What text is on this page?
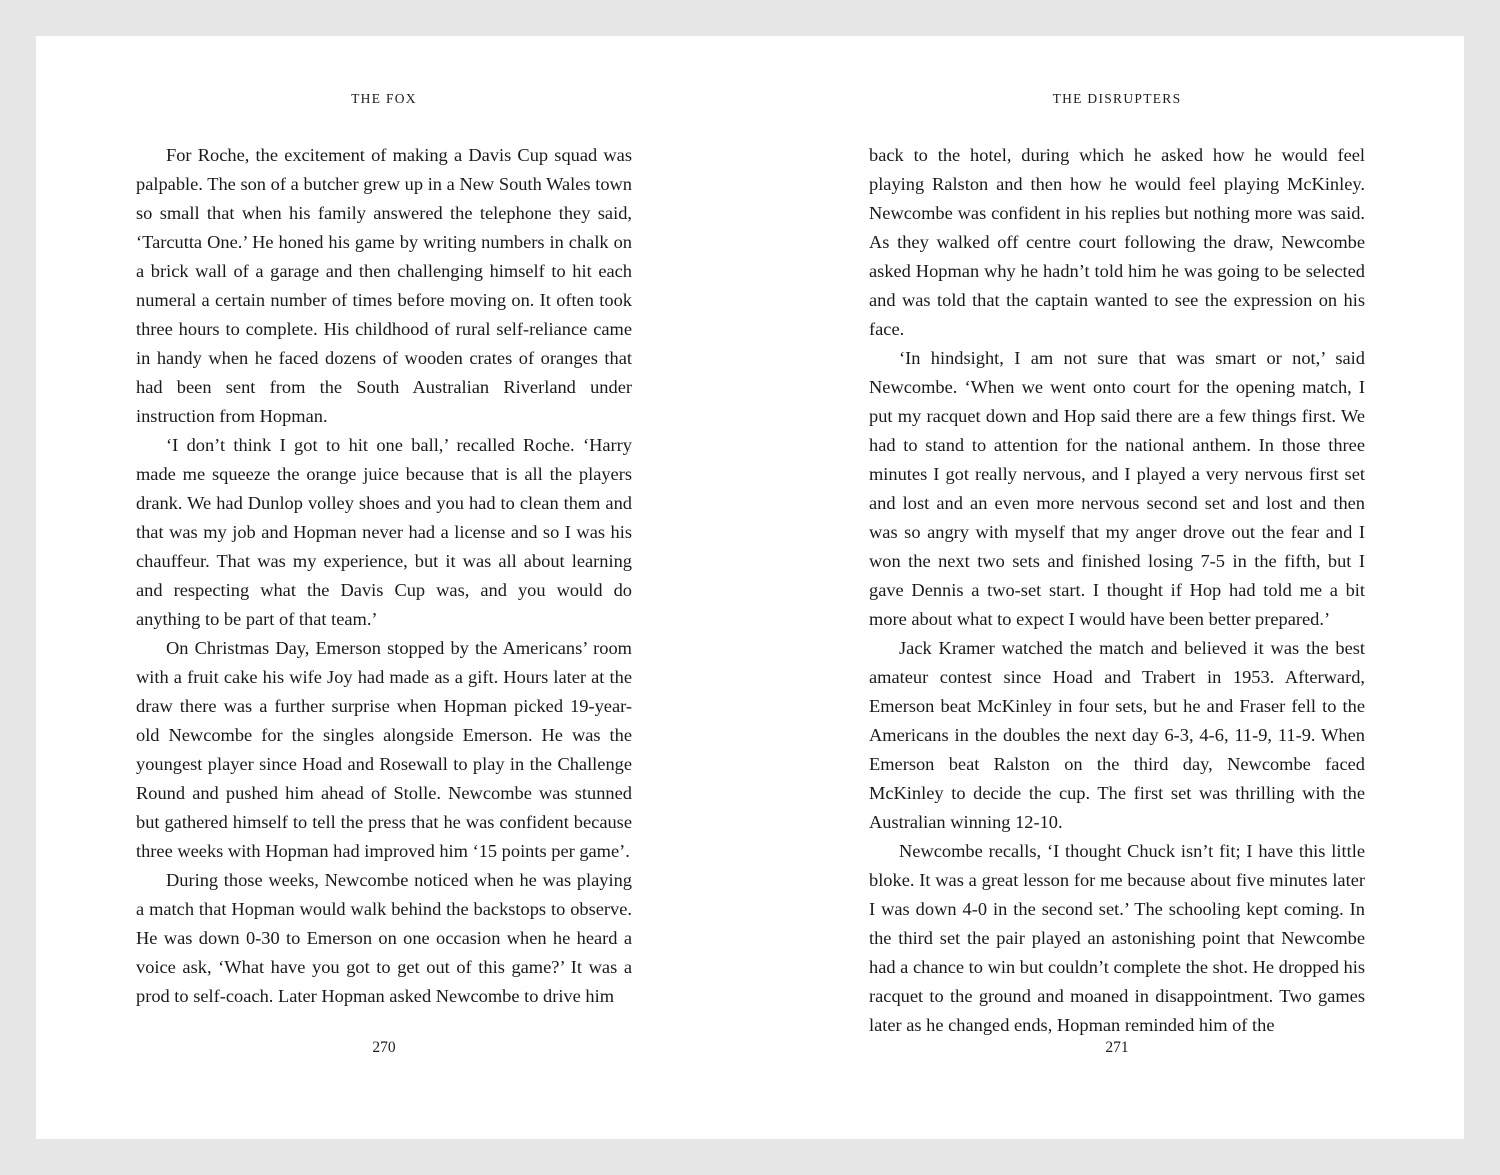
THE FOX

For Roche, the excitement of making a Davis Cup squad was palpable. The son of a butcher grew up in a New South Wales town so small that when his family answered the telephone they said, ‘Tarcutta One.’ He honed his game by writing numbers in chalk on a brick wall of a garage and then challenging himself to hit each numeral a certain number of times before moving on. It often took three hours to complete. His childhood of rural self-reliance came in handy when he faced dozens of wooden crates of oranges that had been sent from the South Australian Riverland under instruction from Hopman.

‘I don’t think I got to hit one ball,’ recalled Roche. ‘Harry made me squeeze the orange juice because that is all the players drank. We had Dunlop volley shoes and you had to clean them and that was my job and Hopman never had a license and so I was his chauffeur. That was my experience, but it was all about learning and respecting what the Davis Cup was, and you would do anything to be part of that team.’

On Christmas Day, Emerson stopped by the Americans’ room with a fruit cake his wife Joy had made as a gift. Hours later at the draw there was a further surprise when Hopman picked 19-year-old Newcombe for the singles alongside Emerson. He was the youngest player since Hoad and Rosewall to play in the Challenge Round and pushed him ahead of Stolle. Newcombe was stunned but gathered himself to tell the press that he was confident because three weeks with Hopman had improved him ‘15 points per game’.

During those weeks, Newcombe noticed when he was playing a match that Hopman would walk behind the backstops to observe. He was down 0-30 to Emerson on one occasion when he heard a voice ask, ‘What have you got to get out of this game?’ It was a prod to self-coach. Later Hopman asked Newcombe to drive him

270
THE DISRUPTERS

back to the hotel, during which he asked how he would feel playing Ralston and then how he would feel playing McKinley. Newcombe was confident in his replies but nothing more was said. As they walked off centre court following the draw, Newcombe asked Hopman why he hadn’t told him he was going to be selected and was told that the captain wanted to see the expression on his face.

‘In hindsight, I am not sure that was smart or not,’ said Newcombe. ‘When we went onto court for the opening match, I put my racquet down and Hop said there are a few things first. We had to stand to attention for the national anthem. In those three minutes I got really nervous, and I played a very nervous first set and lost and an even more nervous second set and lost and then was so angry with myself that my anger drove out the fear and I won the next two sets and finished losing 7-5 in the fifth, but I gave Dennis a two-set start. I thought if Hop had told me a bit more about what to expect I would have been better prepared.’

Jack Kramer watched the match and believed it was the best amateur contest since Hoad and Trabert in 1953. Afterward, Emerson beat McKinley in four sets, but he and Fraser fell to the Americans in the doubles the next day 6-3, 4-6, 11-9, 11-9. When Emerson beat Ralston on the third day, Newcombe faced McKinley to decide the cup. The first set was thrilling with the Australian winning 12-10.

Newcombe recalls, ‘I thought Chuck isn’t fit; I have this little bloke. It was a great lesson for me because about five minutes later I was down 4-0 in the second set.’ The schooling kept coming. In the third set the pair played an astonishing point that Newcombe had a chance to win but couldn’t complete the shot. He dropped his racquet to the ground and moaned in disappointment. Two games later as he changed ends, Hopman reminded him of the

271
